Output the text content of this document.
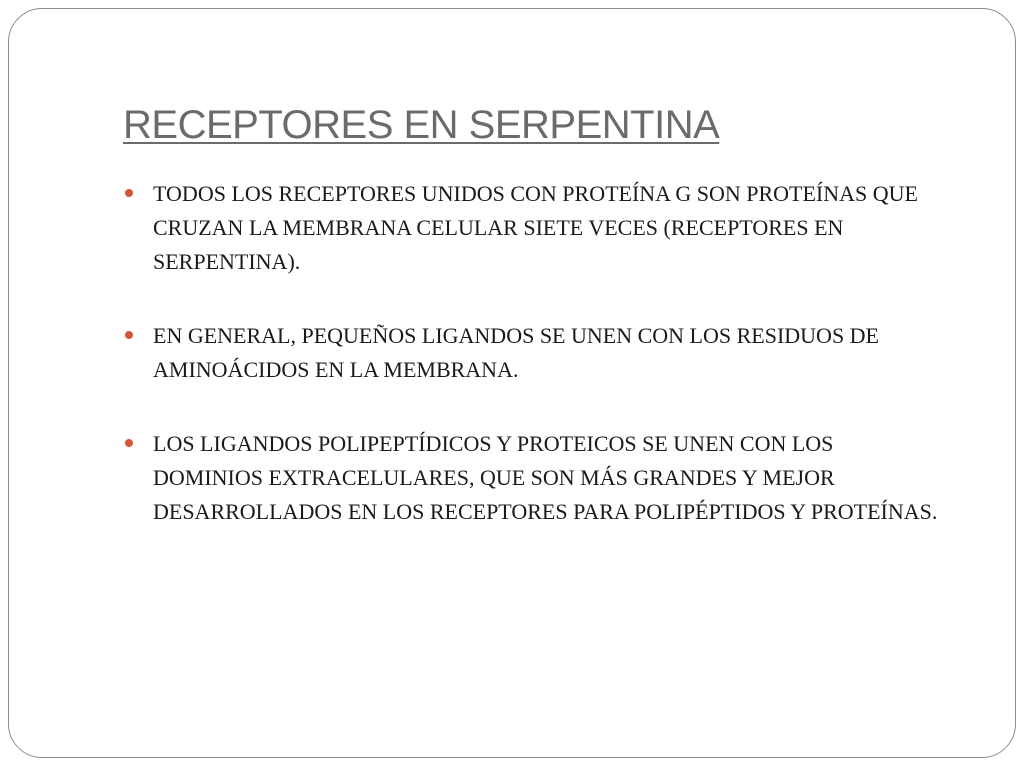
RECEPTORES EN SERPENTINA
TODOS LOS RECEPTORES UNIDOS CON PROTEÍNA G SON PROTEÍNAS QUE CRUZAN LA MEMBRANA CELULAR SIETE VECES (RECEPTORES EN SERPENTINA).
EN GENERAL, PEQUEÑOS LIGANDOS SE UNEN CON LOS RESIDUOS DE AMINOÁCIDOS EN LA MEMBRANA.
LOS LIGANDOS POLIPEPTÍDICOS Y PROTEICOS SE UNEN CON LOS DOMINIOS EXTRACELULARES, QUE SON MÁS GRANDES Y MEJOR DESARROLLADOS EN LOS RECEPTORES PARA POLIPÉPTIDOS Y PROTEÍNAS.
